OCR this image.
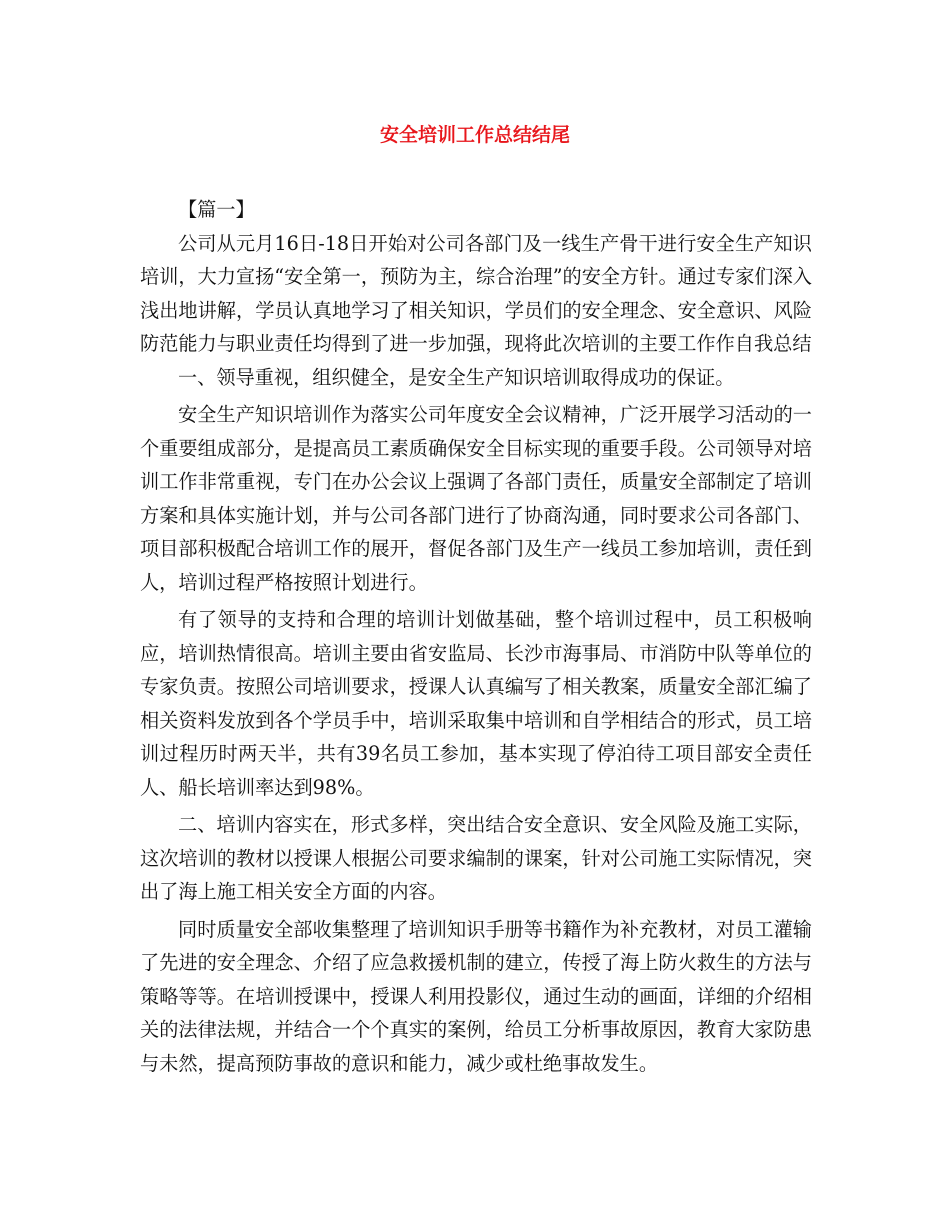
安全培训工作总结结尾

【篇一】

公司从元月16日-18日开始对公司各部门及一线生产骨干进行安全生产知识培训，大力宣扬“安全第一，预防为主，综合治理”的安全方针。通过专家们深入浅出地讲解，学员认真地学习了相关知识，学员们的安全理念、安全意识、风险防范能力与职业责任均得到了进一步加强，现将此次培训的主要工作作自我总结

一、领导重视，组织健全，是安全生产知识培训取得成功的保证。

安全生产知识培训作为落实公司年度安全会议精神，广泛开展学习活动的一个重要组成部分，是提高员工素质确保安全目标实现的重要手段。公司领导对培训工作非常重视，专门在办公会议上强调了各部门责任，质量安全部制定了培训方案和具体实施计划，并与公司各部门进行了协商沟通，同时要求公司各部门、项目部积极配合培训工作的展开，督促各部门及生产一线员工参加培训，责任到人，培训过程严格按照计划进行。

有了领导的支持和合理的培训计划做基础，整个培训过程中，员工积极响应，培训热情很高。培训主要由省安监局、长沙市海事局、市消防中队等单位的专家负责。按照公司培训要求，授课人认真编写了相关教案，质量安全部汇编了相关资料发放到各个学员手中，培训采取集中培训和自学相结合的形式，员工培训过程历时两天半，共有39名员工参加，基本实现了停泊待工项目部安全责任人、船长培训率达到98%。

二、培训内容实在，形式多样，突出结合安全意识、安全风险及施工实际，这次培训的教材以授课人根据公司要求编制的课案，针对公司施工实际情况，突出了海上施工相关安全方面的内容。

同时质量安全部收集整理了培训知识手册等书籍作为补充教材，对员工灌输了先进的安全理念、介绍了应急救援机制的建立，传授了海上防火救生的方法与策略等等。在培训授课中，授课人利用投影仪，通过生动的画面，详细的介绍相关的法律法规，并结合一个个真实的案例，给员工分析事故原因，教育大家防患与未然，提高预防事故的意识和能力，减少或杜绝事故发生。
